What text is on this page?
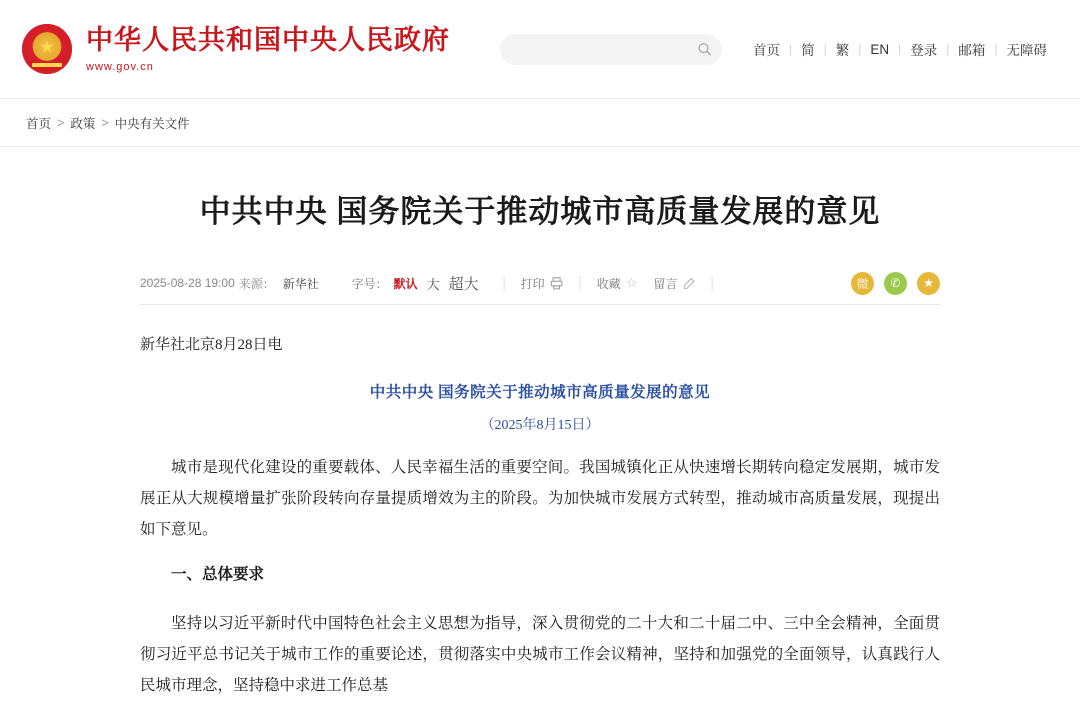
★ 中华人民共和国中央人民政府
www.gov.cn
首页 | 简 | 繁 | EN | 登录 | 邮箱 | 无障碍
首页 > 政策 > 中央有关文件
中共中央 国务院关于推动城市高质量发展的意见
2025-08-28 19:00 来源： 新华社	字号： 默认 大 超大	打印	收藏 ☆ 留言	微	✆	★
新华社北京8月28日电
中共中央 国务院关于推动城市高质量发展的意见
（2025年8月15日）

城市是现代化建设的重要载体、人民幸福生活的重要空间。我国城镇化正从快速增长期转向稳定发展期，城市发展正从大规模增量扩张阶段转向存量提质增效为主的阶段。为加快城市发展方式转型，推动城市高质量发展，现提出如下意见。

一、总体要求

坚持以习近平新时代中国特色社会主义思想为指导，深入贯彻党的二十大和二十届二中、三中全会精神，全面贯彻习近平总书记关于城市工作的重要论述，贯彻落实中央城市工作会议精神，坚持和加强党的全面领导，认真践行人民城市理念，坚持稳中求进工作总基
